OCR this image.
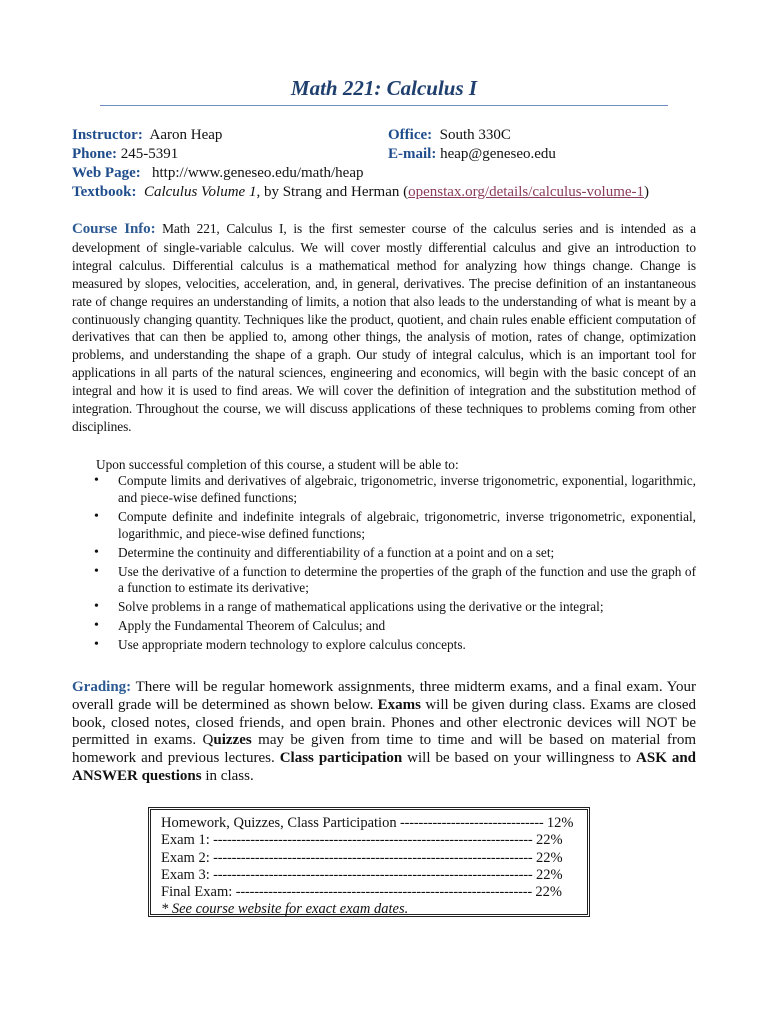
Math 221: Calculus I
Instructor: Aaron Heap	Office: South 330C
Phone: 245-5391	E-mail: heap@geneseo.edu
Web Page: http://www.geneseo.edu/math/heap
Textbook: Calculus Volume 1, by Strang and Herman (openstax.org/details/calculus-volume-1)
Course Info: Math 221, Calculus I, is the first semester course of the calculus series and is intended as a development of single-variable calculus. We will cover mostly differential calculus and give an introduction to integral calculus. Differential calculus is a mathematical method for analyzing how things change. Change is measured by slopes, velocities, acceleration, and, in general, derivatives. The precise definition of an instantaneous rate of change requires an understanding of limits, a notion that also leads to the understanding of what is meant by a continuously changing quantity. Techniques like the product, quotient, and chain rules enable efficient computation of derivatives that can then be applied to, among other things, the analysis of motion, rates of change, optimization problems, and understanding the shape of a graph. Our study of integral calculus, which is an important tool for applications in all parts of the natural sciences, engineering and economics, will begin with the basic concept of an integral and how it is used to find areas. We will cover the definition of integration and the substitution method of integration. Throughout the course, we will discuss applications of these techniques to problems coming from other disciplines.
Upon successful completion of this course, a student will be able to:
• Compute limits and derivatives of algebraic, trigonometric, inverse trigonometric, exponential, logarithmic, and piece-wise defined functions;
• Compute definite and indefinite integrals of algebraic, trigonometric, inverse trigonometric, exponential, logarithmic, and piece-wise defined functions;
• Determine the continuity and differentiability of a function at a point and on a set;
• Use the derivative of a function to determine the properties of the graph of the function and use the graph of a function to estimate its derivative;
• Solve problems in a range of mathematical applications using the derivative or the integral;
• Apply the Fundamental Theorem of Calculus; and
• Use appropriate modern technology to explore calculus concepts.
Grading: There will be regular homework assignments, three midterm exams, and a final exam. Your overall grade will be determined as shown below. Exams will be given during class. Exams are closed book, closed notes, closed friends, and open brain. Phones and other electronic devices will NOT be permitted in exams. Quizzes may be given from time to time and will be based on material from homework and previous lectures. Class participation will be based on your willingness to ASK and ANSWER questions in class.
Homework, Quizzes, Class Participation ------------------------------- 12%
Exam 1: --------------------------------------------------------------------- 22%
Exam 2: --------------------------------------------------------------------- 22%
Exam 3: --------------------------------------------------------------------- 22%
Final Exam: ---------------------------------------------------------------- 22%
* See course website for exact exam dates.
